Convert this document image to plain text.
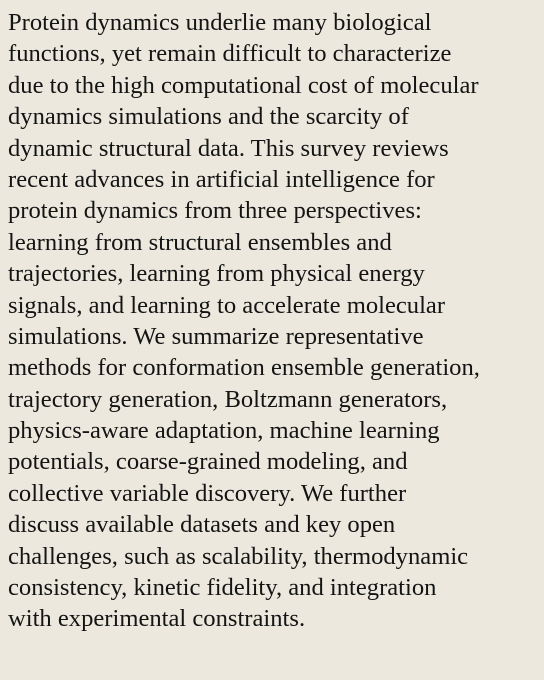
Protein dynamics underlie many biological
functions, yet remain difficult to characterize
due to the high computational cost of molecular
dynamics simulations and the scarcity of
dynamic structural data. This survey reviews
recent advances in artificial intelligence for
protein dynamics from three perspectives:
learning from structural ensembles and
trajectories, learning from physical energy
signals, and learning to accelerate molecular
simulations. We summarize representative
methods for conformation ensemble generation,
trajectory generation, Boltzmann generators,
physics-aware adaptation, machine learning
potentials, coarse-grained modeling, and
collective variable discovery. We further
discuss available datasets and key open
challenges, such as scalability, thermodynamic
consistency, kinetic fidelity, and integration
with experimental constraints.
